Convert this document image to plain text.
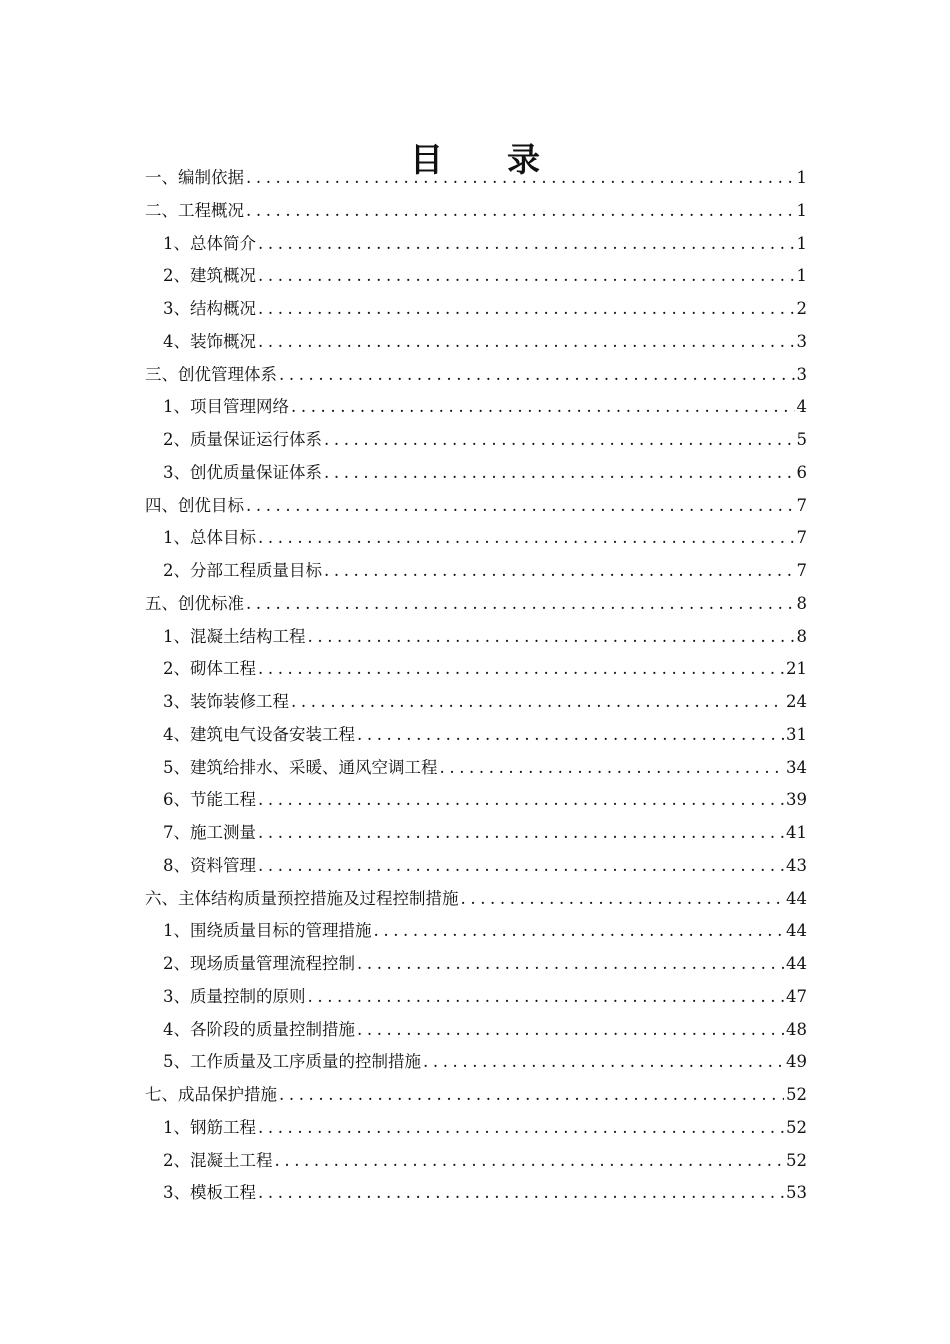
目录
一、编制依据 .....	1
二、工程概况 .....	1
1、总体简介 .....	1
2、建筑概况 .....	1
3、结构概况 .....	2
4、装饰概况 .....	3
三、创优管理体系 .....	3
1、项目管理网络 .....	4
2、质量保证运行体系 .....	5
3、创优质量保证体系 .....	6
四、创优目标 .....	7
1、总体目标 .....	7
2、分部工程质量目标 .....	7
五、创优标准 .....	8
1、混凝土结构工程 .....	8
2、砌体工程 .....	21
3、装饰装修工程 .....	24
4、建筑电气设备安装工程 .....	31
5、建筑给排水、采暖、通风空调工程 .....	34
6、节能工程 .....	39
7、施工测量 .....	41
8、资料管理 .....	43
六、主体结构质量预控措施及过程控制措施 .....	44
1、围绕质量目标的管理措施 .....	44
2、现场质量管理流程控制 .....	44
3、质量控制的原则 .....	47
4、各阶段的质量控制措施 .....	48
5、工作质量及工序质量的控制措施 .....	49
七、成品保护措施 .....	52
1、钢筋工程 .....	52
2、混凝土工程 .....	52
3、模板工程 .....	53
